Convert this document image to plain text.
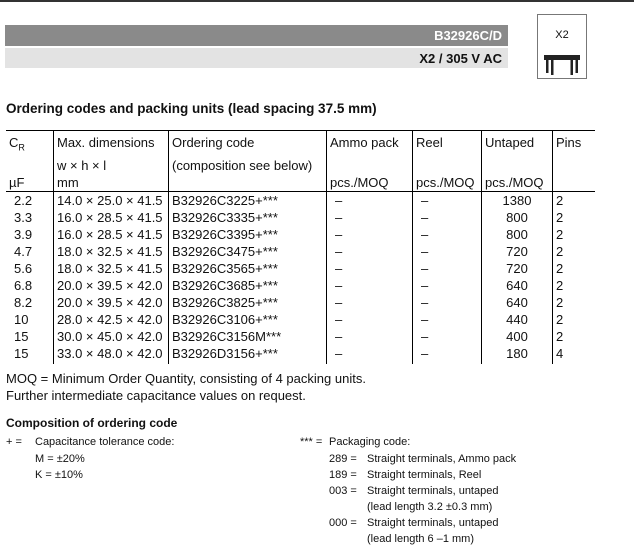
B32926C/D
X2 / 305 V AC
X2
Ordering codes and packing units (lead spacing 37.5 mm)
$C_R$	Max. dimensions	Ordering code	Ammo pack	Reel	Untaped	Pins
	w × h × l	(composition see below)				
µF	mm		pcs./MOQ	pcs./MOQ	pcs./MOQ	
2.2	14.0 × 25.0 × 41.5	B32926C3225+***	–	–	1380	2
3.3	16.0 × 28.5 × 41.5	B32926C3335+***	–	–	800	2
3.9	16.0 × 28.5 × 41.5	B32926C3395+***	–	–	800	2
4.7	18.0 × 32.5 × 41.5	B32926C3475+***	–	–	720	2
5.6	18.0 × 32.5 × 41.5	B32926C3565+***	–	–	720	2
6.8	20.0 × 39.5 × 42.0	B32926C3685+***	–	–	640	2
8.2	20.0 × 39.5 × 42.0	B32926C3825+***	–	–	640	2
10	28.0 × 42.5 × 42.0	B32926C3106+***	–	–	440	2
15	30.0 × 45.0 × 42.0	B32926C3156M***	–	–	400	2
15	33.0 × 48.0 × 42.0	B32926D3156+***	–	–	180	4
MOQ = Minimum Order Quantity, consisting of 4 packing units.
Further intermediate capacitance values on request.
Composition of ordering code
+ = Capacitance tolerance code:
M = ±20%
K = ±10%
*** = Packaging code:
289 = Straight terminals, Ammo pack
189 = Straight terminals, Reel
003 = Straight terminals, untaped
(lead length 3.2 ±0.3 mm)
000 = Straight terminals, untaped
(lead length 6 –1 mm)
